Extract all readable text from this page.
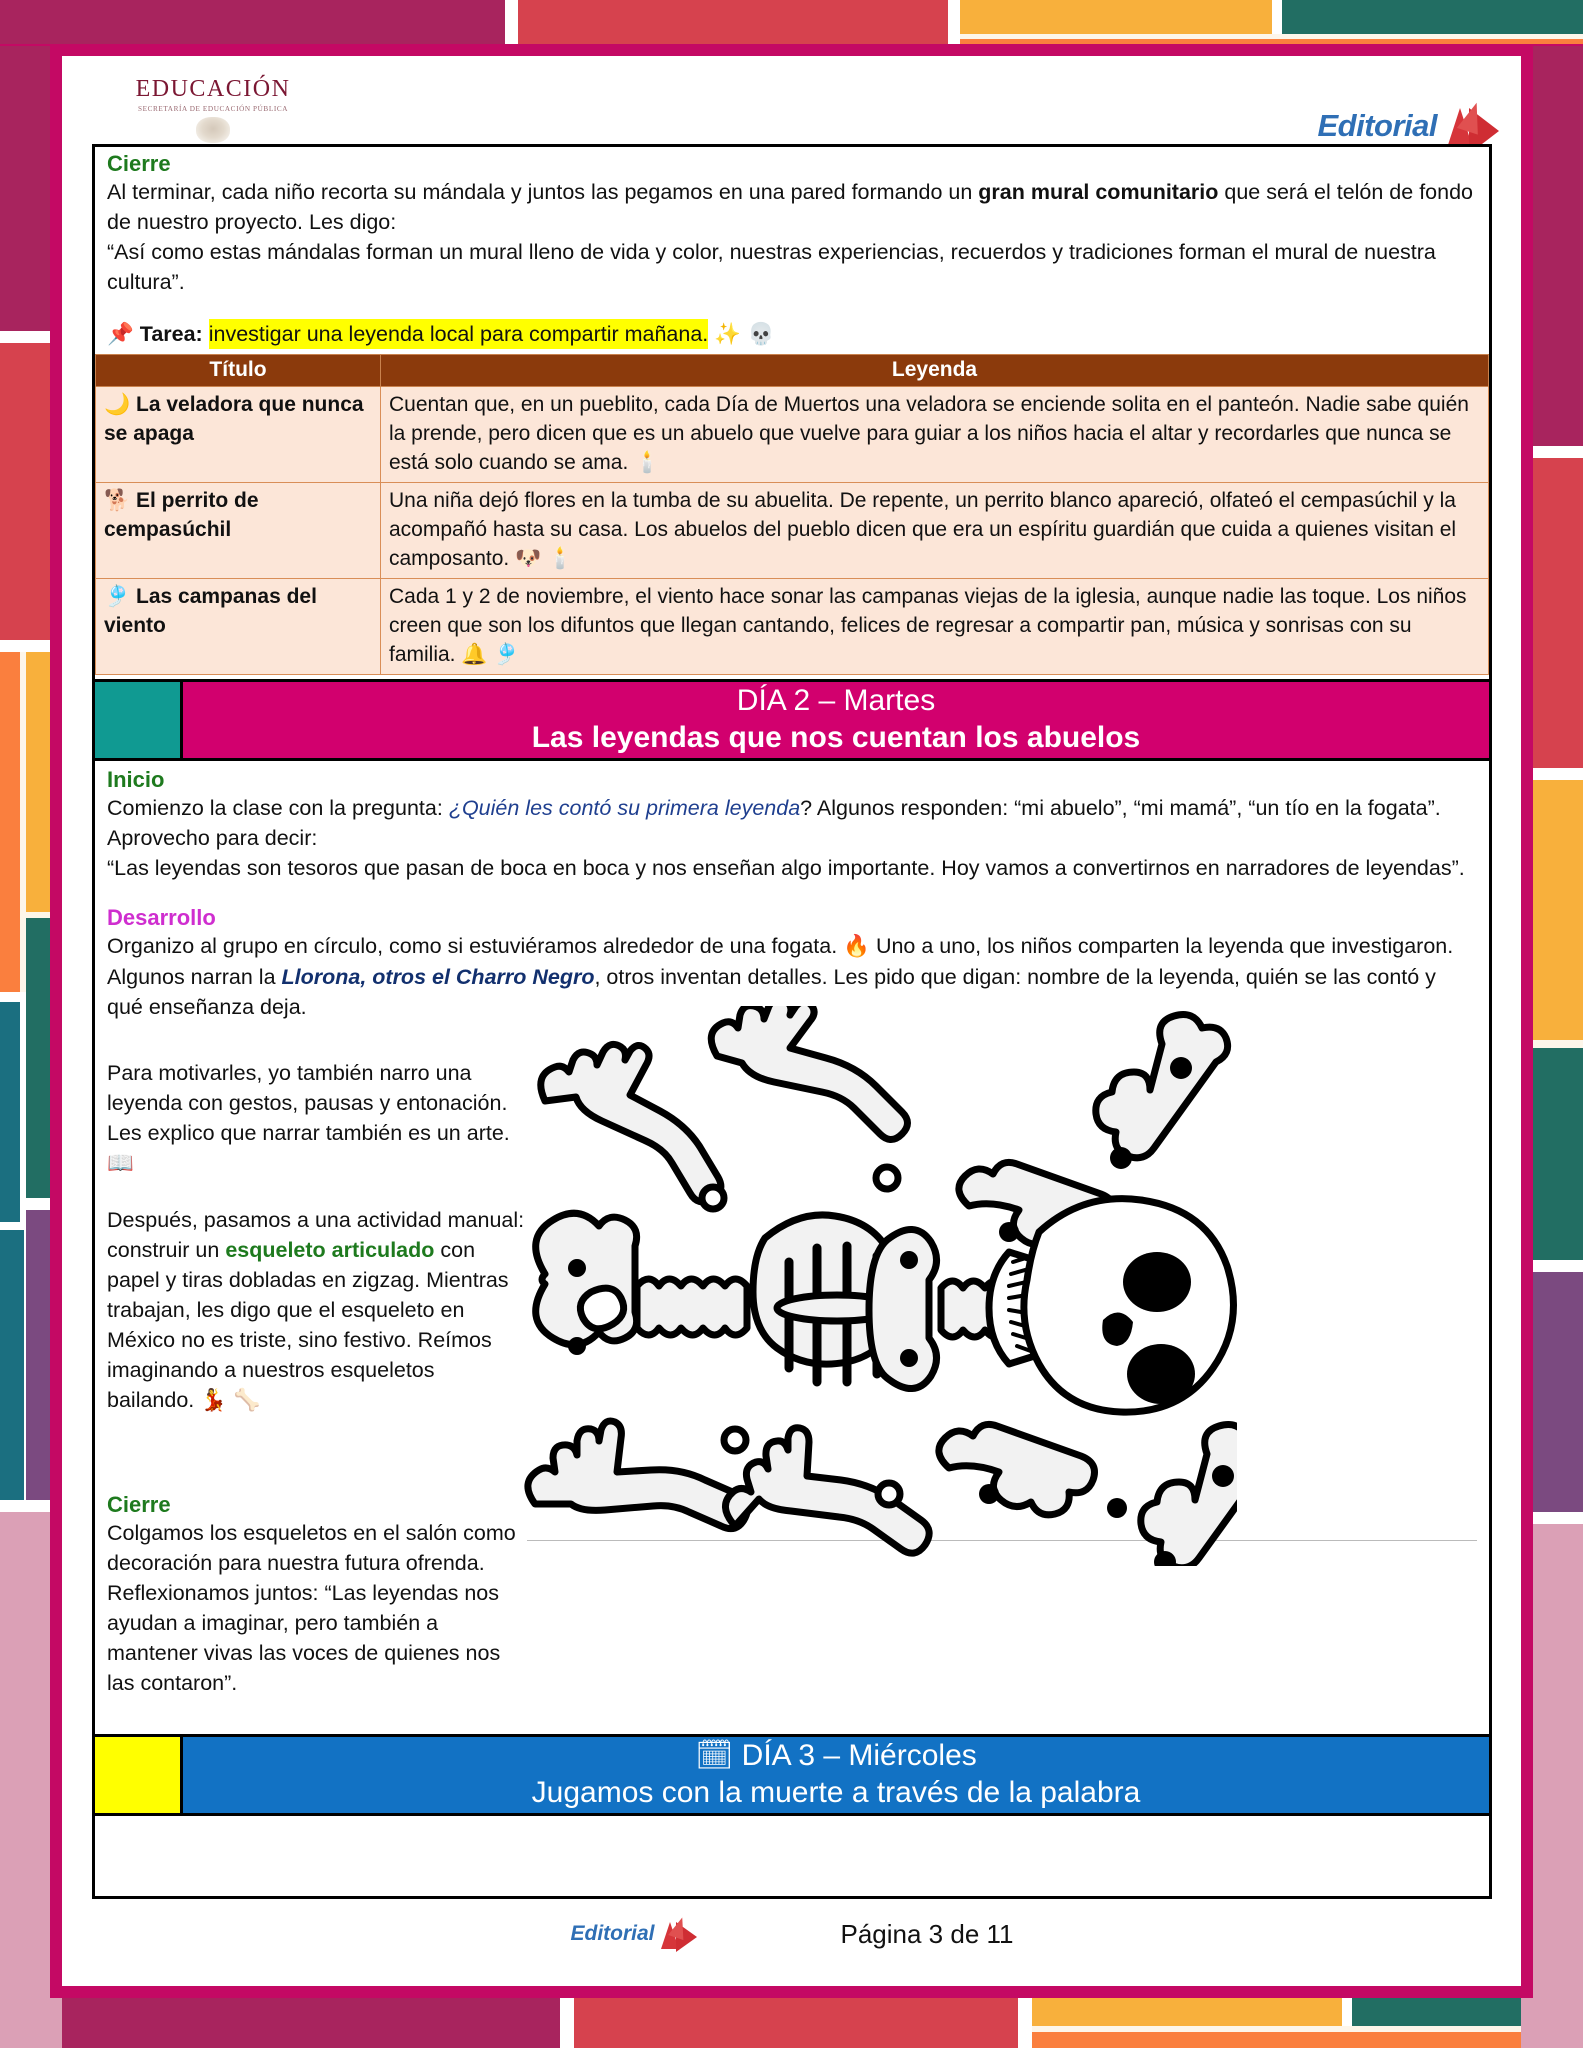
EDUCACIÓN
SECRETARÍA DE EDUCACIÓN PÚBLICA	Editorial
Cierre
Al terminar, cada niño recorta su mándala y juntos las pegamos en una pared formando un gran mural comunitario que será el telón de fondo de nuestro proyecto. Les digo:
“Así como estas mándalas forman un mural lleno de vida y color, nuestras experiencias, recuerdos y tradiciones forman el mural de nuestra cultura”.
📌 Tarea: investigar una leyenda local para compartir mañana. ✨ 💀
Título	Leyenda
🌙 La veladora que nunca se apaga	Cuentan que, en un pueblito, cada Día de Muertos una veladora se enciende solita en el panteón. Nadie sabe quién la prende, pero dicen que es un abuelo que vuelve para guiar a los niños hacia el altar y recordarles que nunca se está solo cuando se ama. 🕯️
🐕 El perrito de cempasúchil	Una niña dejó flores en la tumba de su abuelita. De repente, un perrito blanco apareció, olfateó el cempasúchil y la acompañó hasta su casa. Los abuelos del pueblo dicen que era un espíritu guardián que cuida a quienes visitan el camposanto. 🐶 🕯️
🎐 Las campanas del viento	Cada 1 y 2 de noviembre, el viento hace sonar las campanas viejas de la iglesia, aunque nadie las toque. Los niños creen que son los difuntos que llegan cantando, felices de regresar a compartir pan, música y sonrisas con su familia. 🔔 🎐
DÍA 2 – Martes
Las leyendas que nos cuentan los abuelos
Inicio
Comienzo la clase con la pregunta: ¿Quién les contó su primera leyenda? Algunos responden: “mi abuelo”, “mi mamá”, “un tío en la fogata”. Aprovecho para decir:
“Las leyendas son tesoros que pasan de boca en boca y nos enseñan algo importante. Hoy vamos a convertirnos en narradores de leyendas”.
Desarrollo
Organizo al grupo en círculo, como si estuviéramos alrededor de una fogata. 🔥 Uno a uno, los niños comparten la leyenda que investigaron. Algunos narran la Llorona, otros el Charro Negro, otros inventan detalles. Les pido que digan: nombre de la leyenda, quién se las contó y qué enseñanza deja.
Para motivarles, yo también narro una leyenda con gestos, pausas y entonación. Les explico que narrar también es un arte. 📖
Después, pasamos a una actividad manual: construir un esqueleto articulado con papel y tiras dobladas en zigzag. Mientras trabajan, les digo que el esqueleto en México no es triste, sino festivo. Reímos imaginando a nuestros esqueletos bailando. 💃 🦴
Cierre
Colgamos los esqueletos en el salón como decoración para nuestra futura ofrenda. Reflexionamos juntos: “Las leyendas nos ayudan a imaginar, pero también a mantener vivas las voces de quienes nos las contaron”.
🗓 DÍA 3 – Miércoles
Jugamos con la muerte a través de la palabra
Editorial	Página 3 de 11
